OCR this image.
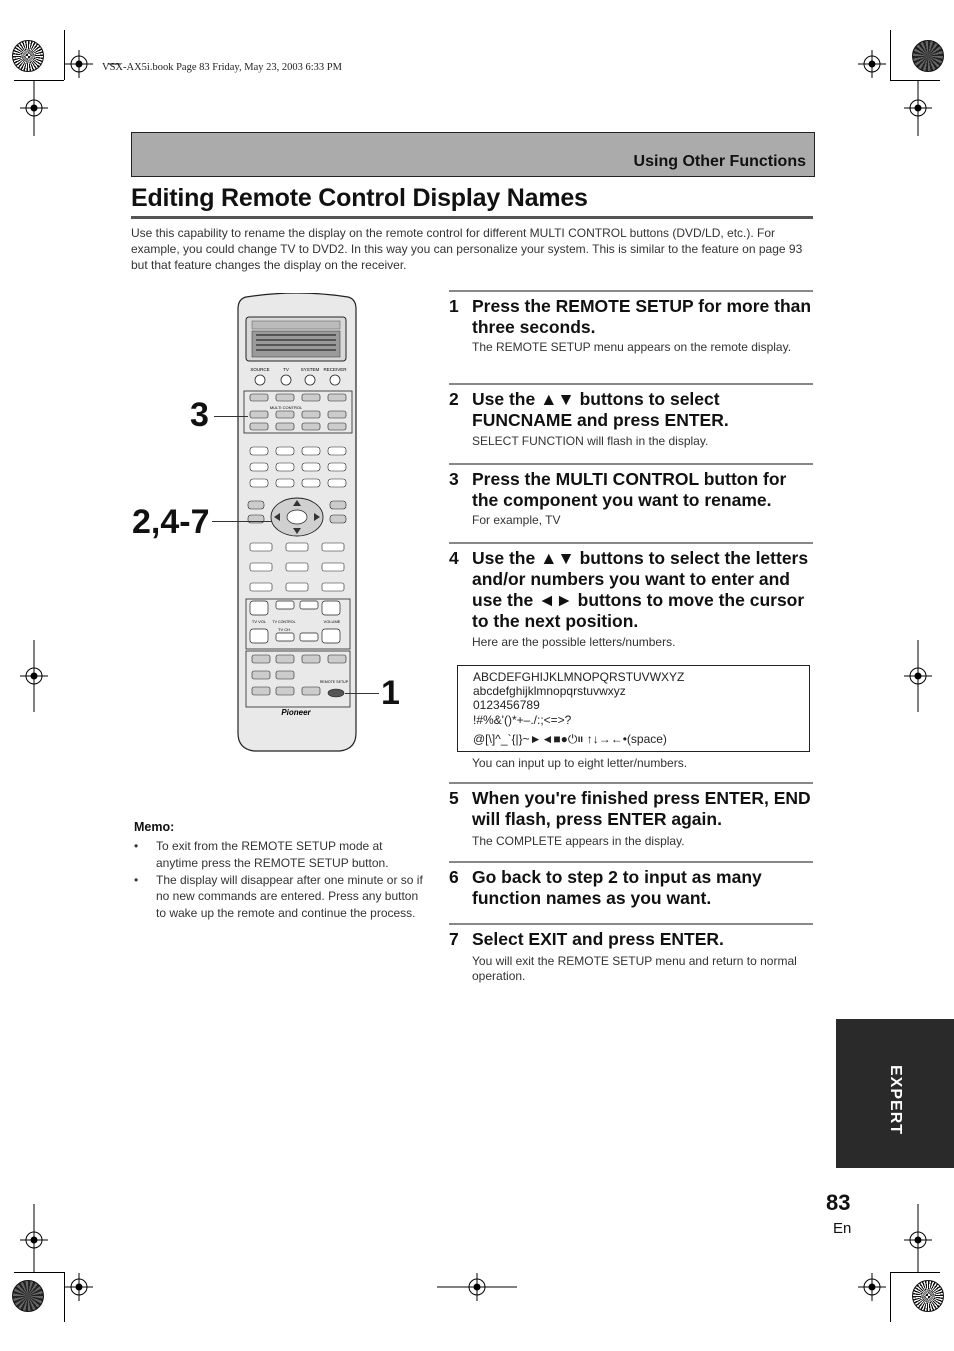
VSX-AX5i.book Page 83 Friday, May 23, 2003 6:33 PM
Using Other Functions
Editing Remote Control Display Names
Use this capability to rename the display on the remote control for different MULTI CONTROL buttons (DVD/LD, etc.). For example, you could change TV to DVD2. In this way you can personalize your system. This is similar to the feature on page 93 but that feature changes the display on the receiver.
SOURCE	TV	SYSTEM RECEIVER
MULTI CONTROL
TV CONTROL
TV VOL
TV CH
VOLUME
REMOTE SETUP
Pioneer
3
2,4-7
1
1 Press the REMOTE SETUP for more than three seconds.
The REMOTE SETUP menu appears on the remote display.
2 Use the ▲▼ buttons to select FUNCNAME and press ENTER.
SELECT FUNCTION will flash in the display.
3 Press the MULTI CONTROL button for the component you want to rename.
For example, TV
4 Use the ▲▼ buttons to select the letters and/or numbers you want to enter and use the ◄► buttons to move the cursor to the next position.
Here are the possible letters/numbers.
ABCDEFGHIJKLMNOPQRSTUVWXYZ
abcdefghijklmnopqrstuvwxyz
0123456789
!#%&'()*+–./:;<=>?
@[\]^_`{|}~►◄■●⏻⏸ ↑↓→←•(space)
You can input up to eight letter/numbers.
5 When you're finished press ENTER, END will flash, press ENTER again.
The COMPLETE appears in the display.
6 Go back to step 2 to input as many function names as you want.
7 Select EXIT and press ENTER.
You will exit the REMOTE SETUP menu and return to normal operation.
Memo:
• To exit from the REMOTE SETUP mode at anytime press the REMOTE SETUP button.
• The display will disappear after one minute or so if no new commands are entered. Press any button to wake up the remote and continue the process.
EXPERT
83
En
